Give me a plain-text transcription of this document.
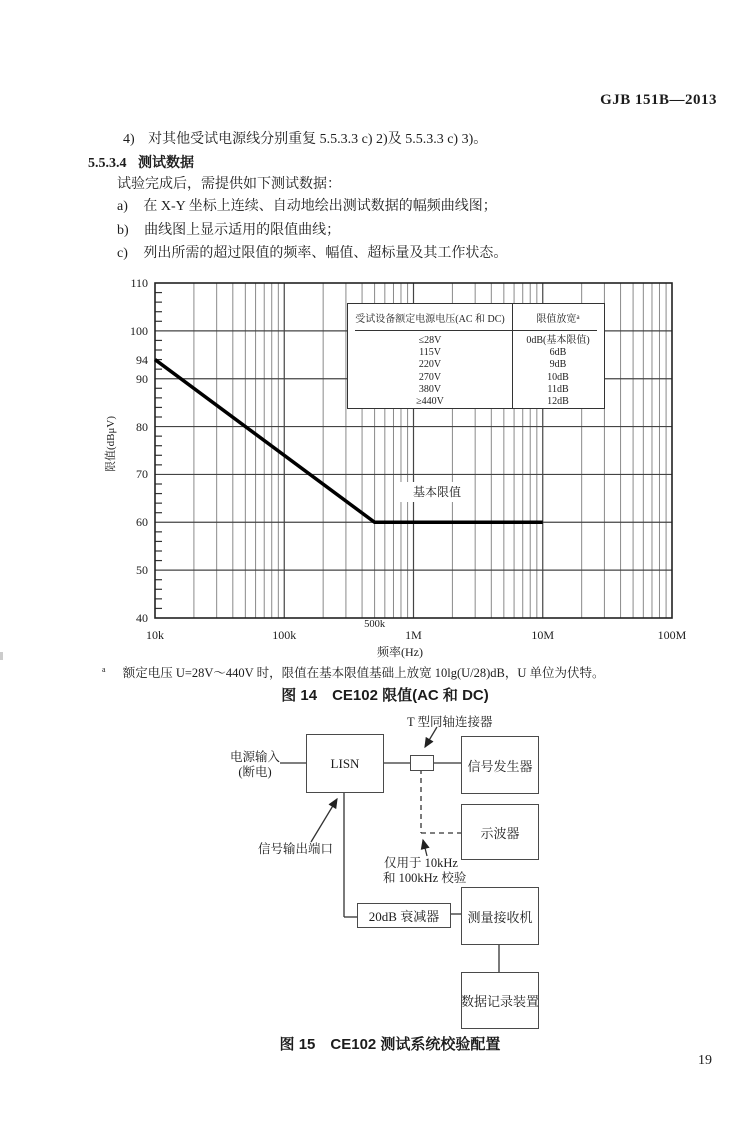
GJB 151B—2013
4) 对其他受试电源线分别重复 5.5.3.3 c) 2)及 5.5.3.3 c) 3)。
5.5.3.4 测试数据
试验完成后，需提供如下测试数据：
a) 在 X-Y 坐标上连续、自动地绘出测试数据的幅频曲线图；
b) 曲线图上显示适用的限值曲线；
c) 列出所需的超过限值的频率、幅值、超标量及其工作状态。
限值(dBμV)
频率(Hz)
110
100
94
90
80
70
60
50
40
10k	100k
500k
1M	10M	100M
基本限值
受试设备额定电源电压(AC 和 DC)	限值放宽 a
≤28V	0dB(基本限值)
115V	6dB
220V	9dB
270V	10dB
380V	11dB
≥440V	12dB
$^a$ 额定电压 U=28V～440V 时，限值在基本限值基础上放宽 10lg(U/28)dB，U 单位为伏特。
图 14　CE102 限值(AC 和 DC)
LISN	信号发生器
示波器
20dB 衰减器	测量接收机
数据记录装置
电源输入
(断电)
T 型同轴连接器
信号输出端口
仅用于 10kHz
和 100kHz 校验
图 15　CE102 测试系统校验配置
19
